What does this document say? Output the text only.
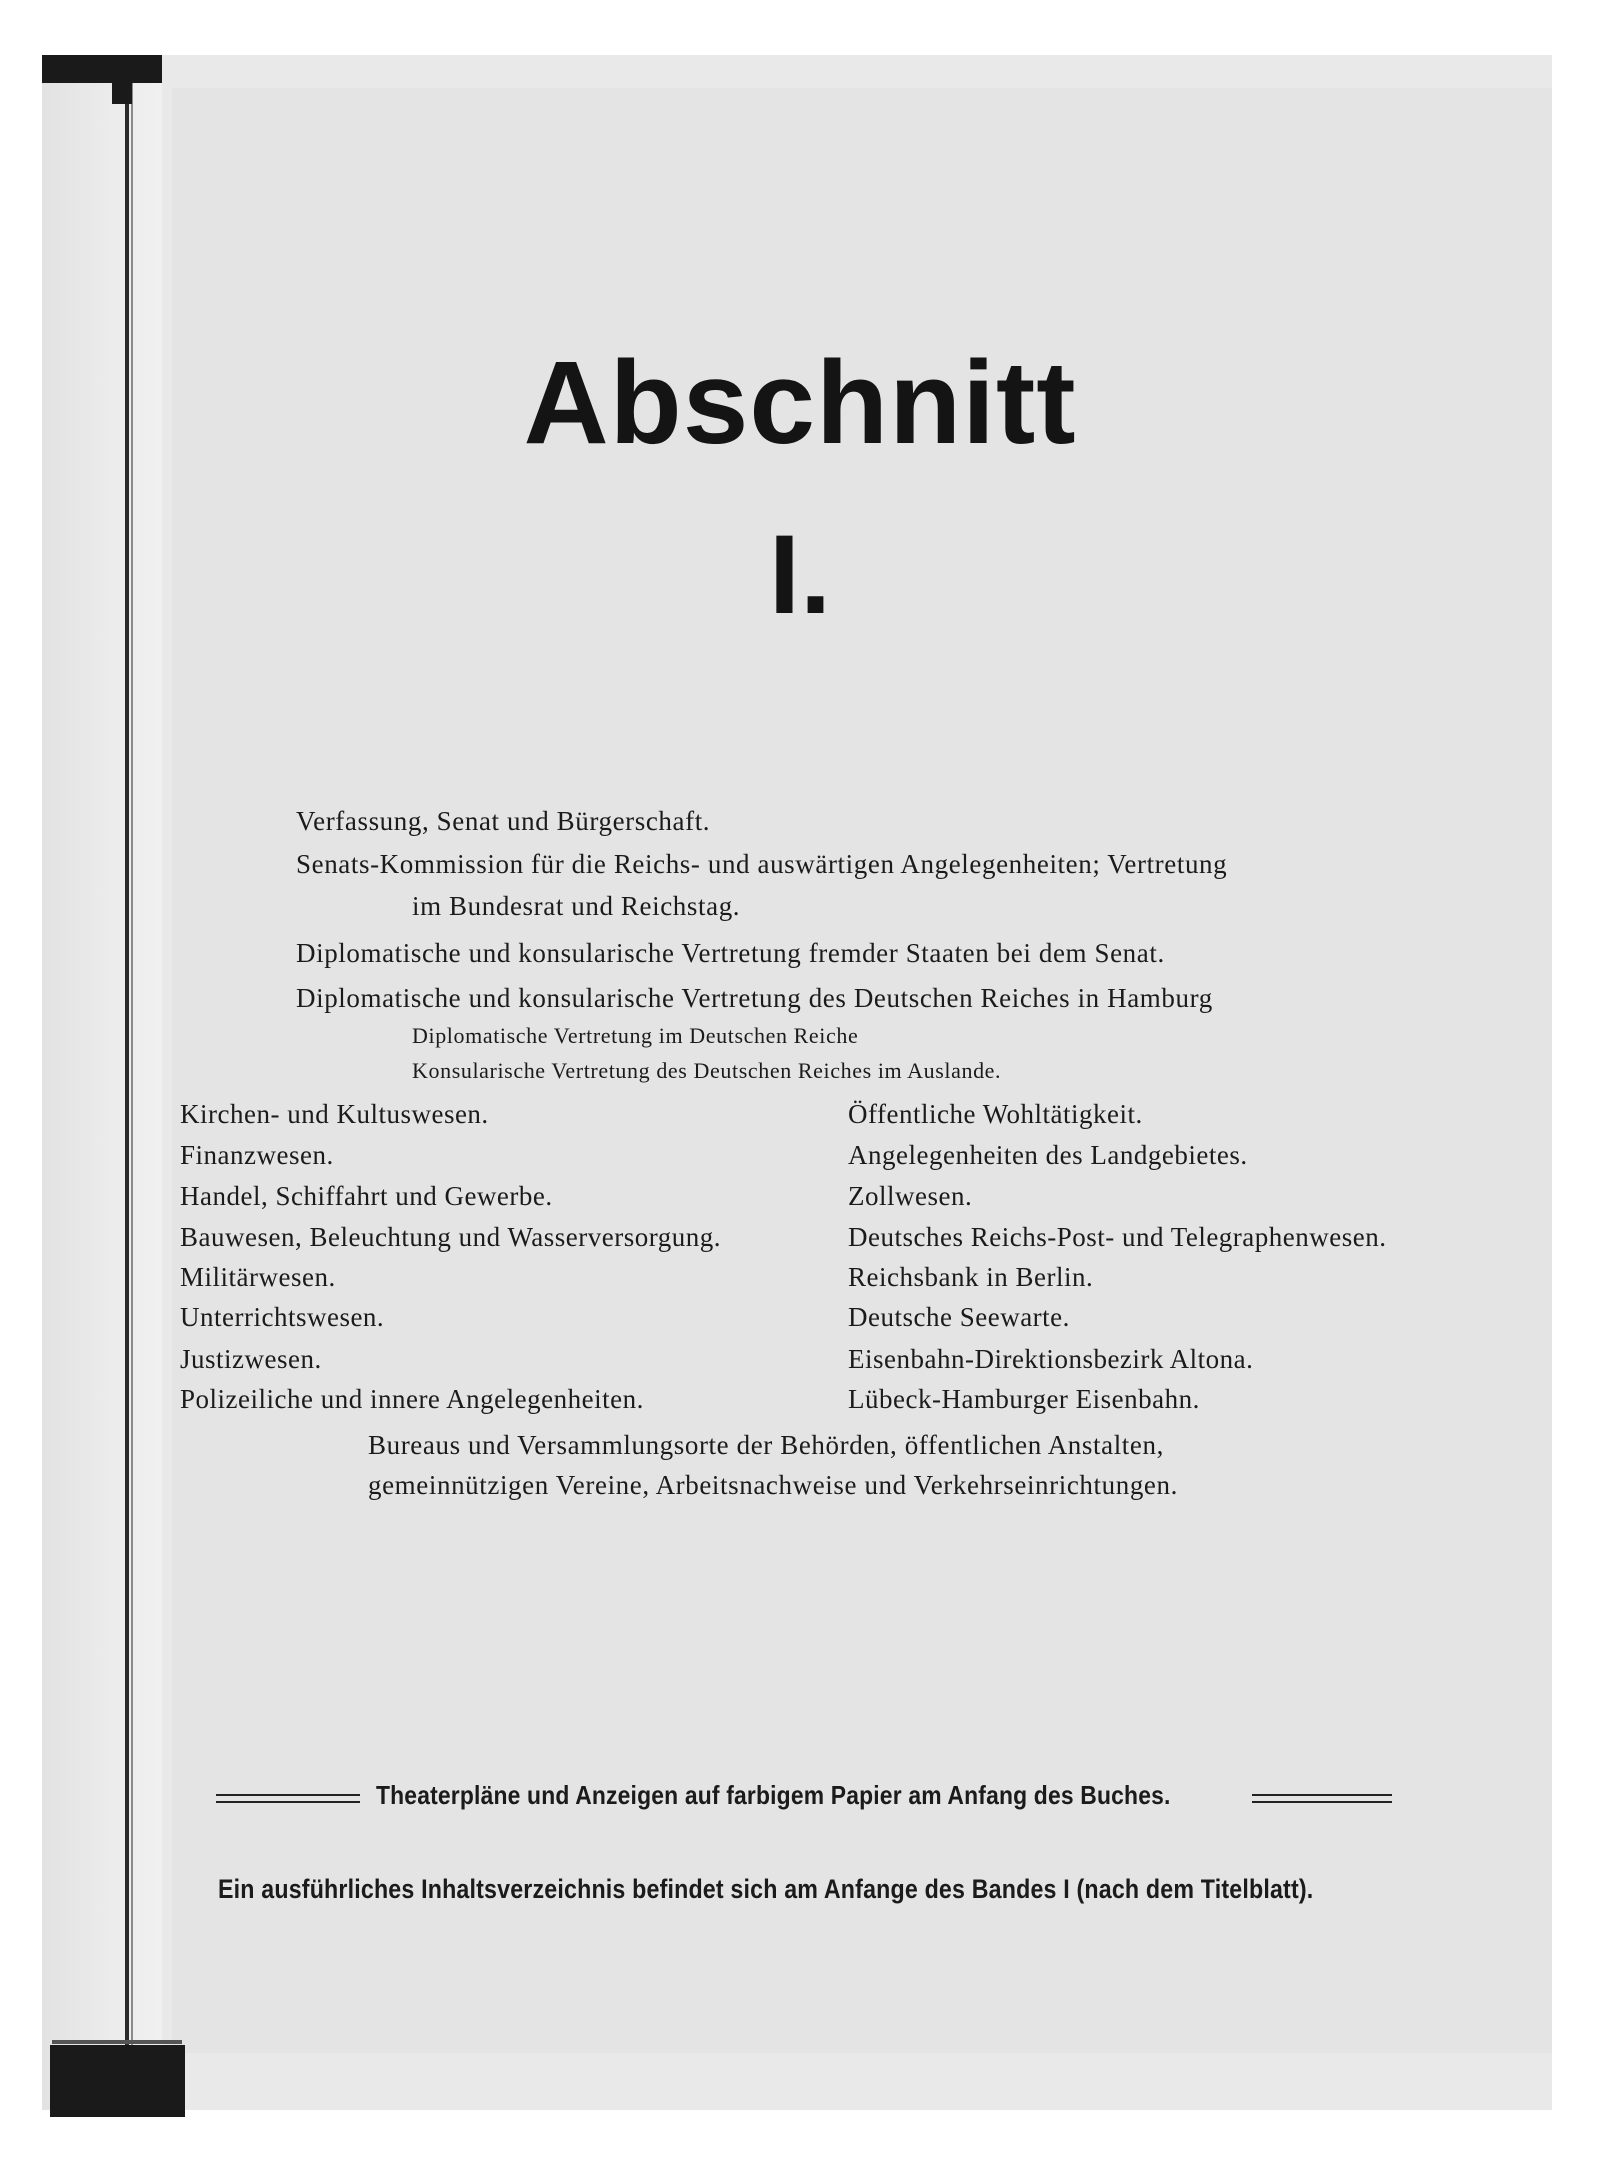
Abschnitt
I.
Verfassung, Senat und Bürgerschaft.
Senats-Kommission für die Reichs- und auswärtigen Angelegenheiten; Vertretung
im Bundesrat und Reichstag.
Diplomatische und konsularische Vertretung fremder Staaten bei dem Senat.
Diplomatische und konsularische Vertretung des Deutschen Reiches in Hamburg
Diplomatische Vertretung im Deutschen Reiche
Konsularische Vertretung des Deutschen Reiches im Auslande.
Kirchen- und Kultuswesen.
Finanzwesen.
Handel, Schiffahrt und Gewerbe.
Bauwesen, Beleuchtung und Wasserversorgung.
Militärwesen.
Unterrichtswesen.
Justizwesen.
Polizeiliche und innere Angelegenheiten.
Öffentliche Wohltätigkeit.
Angelegenheiten des Landgebietes.
Zollwesen.
Deutsches Reichs-Post- und Telegraphenwesen.
Reichsbank in Berlin.
Deutsche Seewarte.
Eisenbahn-Direktionsbezirk Altona.
Lübeck-Hamburger Eisenbahn.
Bureaus und Versammlungsorte der Behörden, öffentlichen Anstalten,
gemeinnützigen Vereine, Arbeitsnachweise und Verkehrseinrichtungen.
Theaterpläne und Anzeigen auf farbigem Papier am Anfang des Buches.
Ein ausführliches Inhaltsverzeichnis befindet sich am Anfange des Bandes I (nach dem Titelblatt).
